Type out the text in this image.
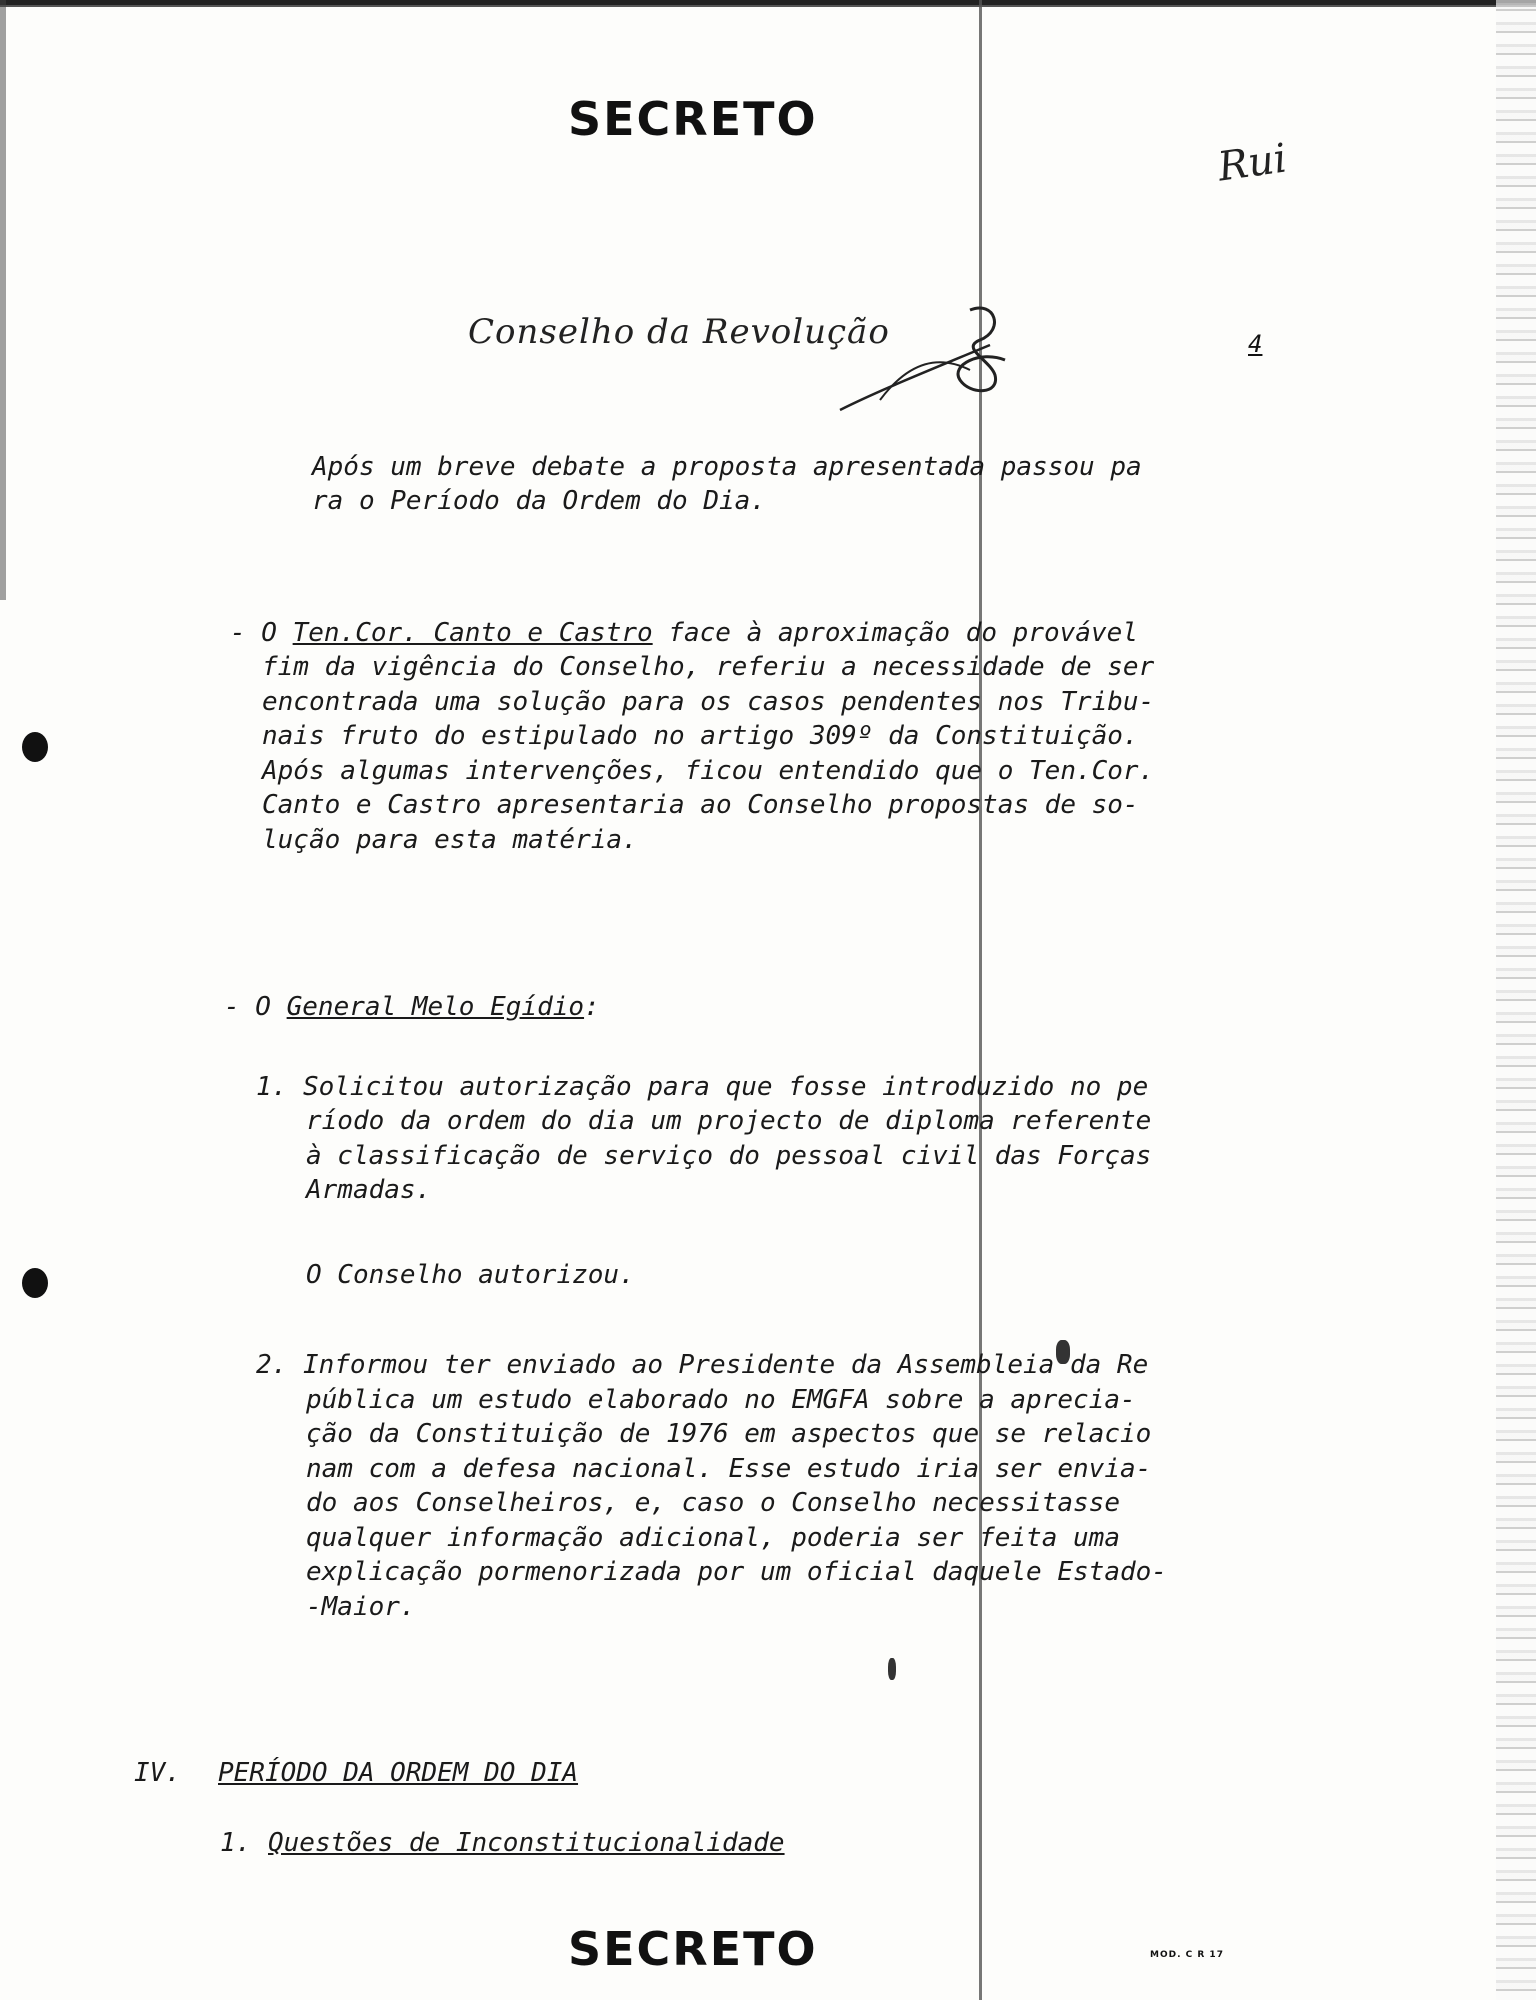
SECRETO
Rui
Conselho da Revolução	4
Após um breve debate a proposta apresentada passou pa
ra o Período da Ordem do Dia.
- O Ten.Cor. Canto e Castro face à aproximação do provável
fim da vigência do Conselho, referiu a necessidade de ser
encontrada uma solução para os casos pendentes nos Tribu-
nais fruto do estipulado no artigo 309º da Constituição.
Após algumas intervenções, ficou entendido que o Ten.Cor.
Canto e Castro apresentaria ao Conselho propostas de so-
lução para esta matéria.
- O General Melo Egídio:
1. Solicitou autorização para que fosse introduzido no pe
ríodo da ordem do dia um projecto de diploma referente
à classificação de serviço do pessoal civil das Forças
Armadas.
O Conselho autorizou.
2. Informou ter enviado ao Presidente da Assembleia da Re
pública um estudo elaborado no EMGFA sobre a aprecia-
ção da Constituição de 1976 em aspectos que se relacio
nam com a defesa nacional. Esse estudo iria ser envia-
do aos Conselheiros, e, caso o Conselho necessitasse
qualquer informação adicional, poderia ser feita uma
explicação pormenorizada por um oficial daquele Estado-
-Maior.
IV. PERÍODO DA ORDEM DO DIA
1. Questões de Inconstitucionalidade
SECRETO	MOD. C R 17
